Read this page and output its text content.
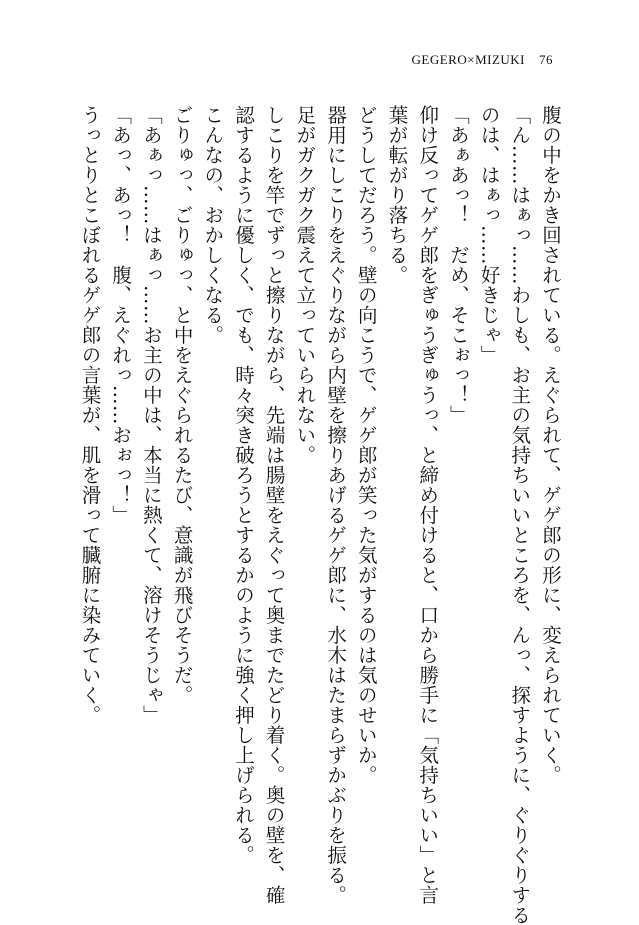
GEGERO×MIZUKI 76
腹の中をかき回されている。えぐられて、ゲゲ郎の形に、変えられていく。
「ん……はぁっ……わしも、お主の気持ちいいところを、んっ、探すように、ぐりぐりする
のは、はぁっ……好きじゃ」
「あぁあっ！　だめ、そこぉっ！」
仰け反ってゲゲ郎をぎゅうぎゅうっ、と締め付けると、口から勝手に「気持ちいい」と言
葉が転がり落ちる。
どうしてだろう。壁の向こうで、ゲゲ郎が笑った気がするのは気のせいか。
器用にしこりをえぐりながら内壁を擦りあげるゲゲ郎に、水木はたまらずかぶりを振る。
足がガクガク震えて立っていられない。
しこりを竿でずっと擦りながら、先端は腸壁をえぐって奥までたどり着く。奥の壁を、確
認するように優しく、でも、時々突き破ろうとするかのように強く押し上げられる。
こんなの、おかしくなる。
ごりゅっ、ごりゅっ、と中をえぐられるたび、意識が飛びそうだ。
「あぁっ……はぁっ……お主の中は、本当に熱くて、溶けそうじゃ」
「あっ、あっ！　腹、えぐれっ……おぉっ！」
うっとりとこぼれるゲゲ郎の言葉が、肌を滑って臓腑に染みていく。
